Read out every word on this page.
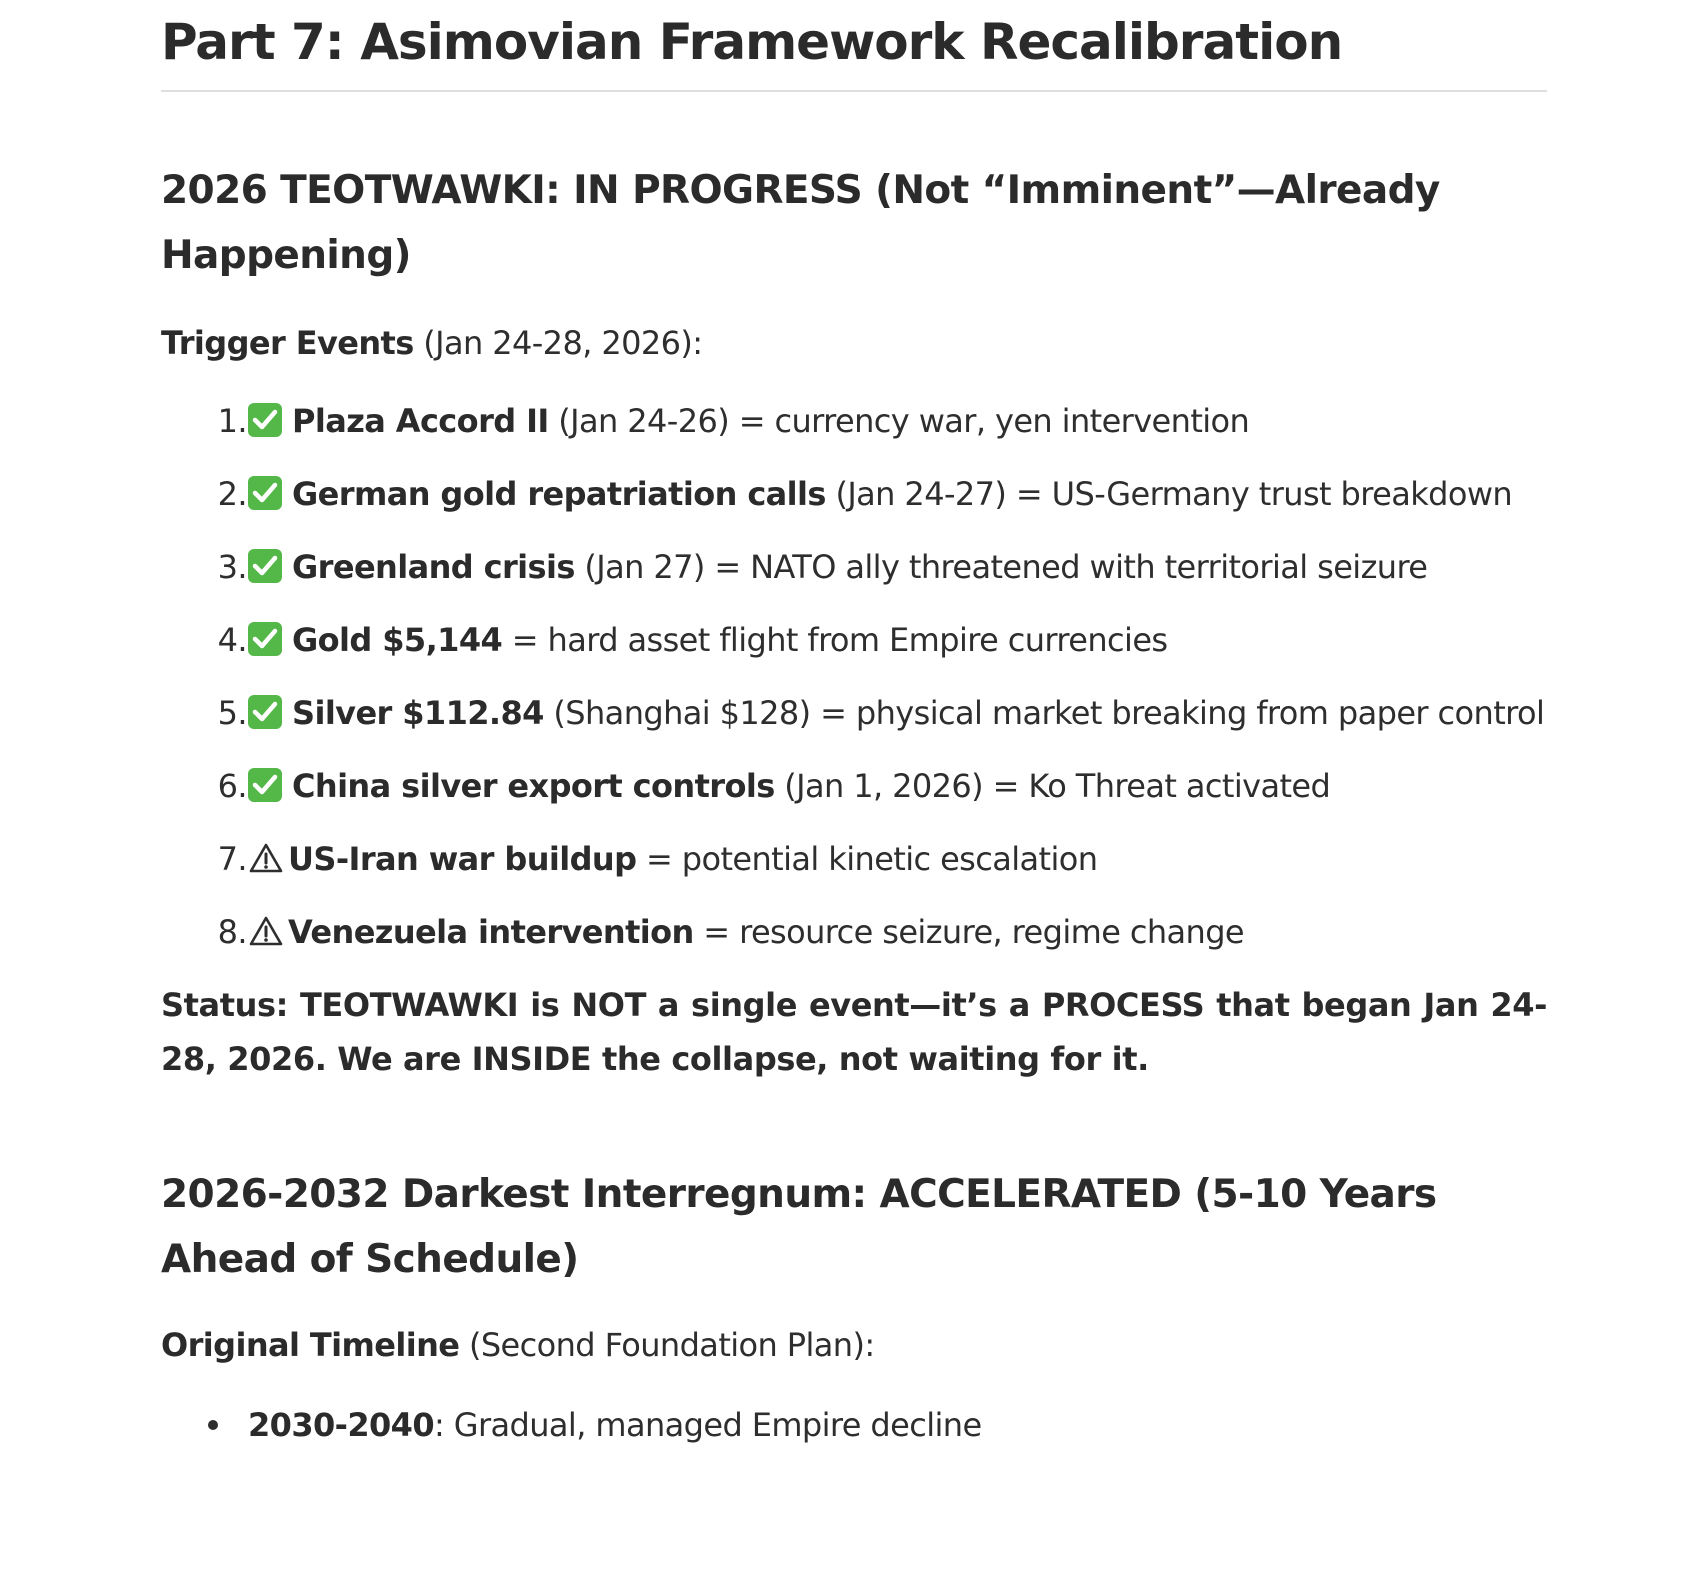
Part 7: Asimovian Framework Recalibration
2026 TEOTWAWKI: IN PROGRESS (Not “Imminent”—Already Happening)

Trigger Events (Jan 24-28, 2026):

1. Plaza Accord II (Jan 24-26) = currency war, yen intervention
2. German gold repatriation calls (Jan 24-27) = US-Germany trust breakdown
3. Greenland crisis (Jan 27) = NATO ally threatened with territorial seizure
4. Gold $5,144 = hard asset flight from Empire currencies
5. Silver $112.84 (Shanghai $128) = physical market breaking from paper control
6. China silver export controls (Jan 1, 2026) = Ko Threat activated
7. US-Iran war buildup = potential kinetic escalation
8. Venezuela intervention = resource seizure, regime change

Status: TEOTWAWKI is NOT a single event—it’s a PROCESS that began Jan 24-28, 2026. We are INSIDE the collapse, not waiting for it.

2026-2032 Darkest Interregnum: ACCELERATED (5-10 Years Ahead of Schedule)

Original Timeline (Second Foundation Plan):

2030-2040: Gradual, managed Empire decline
